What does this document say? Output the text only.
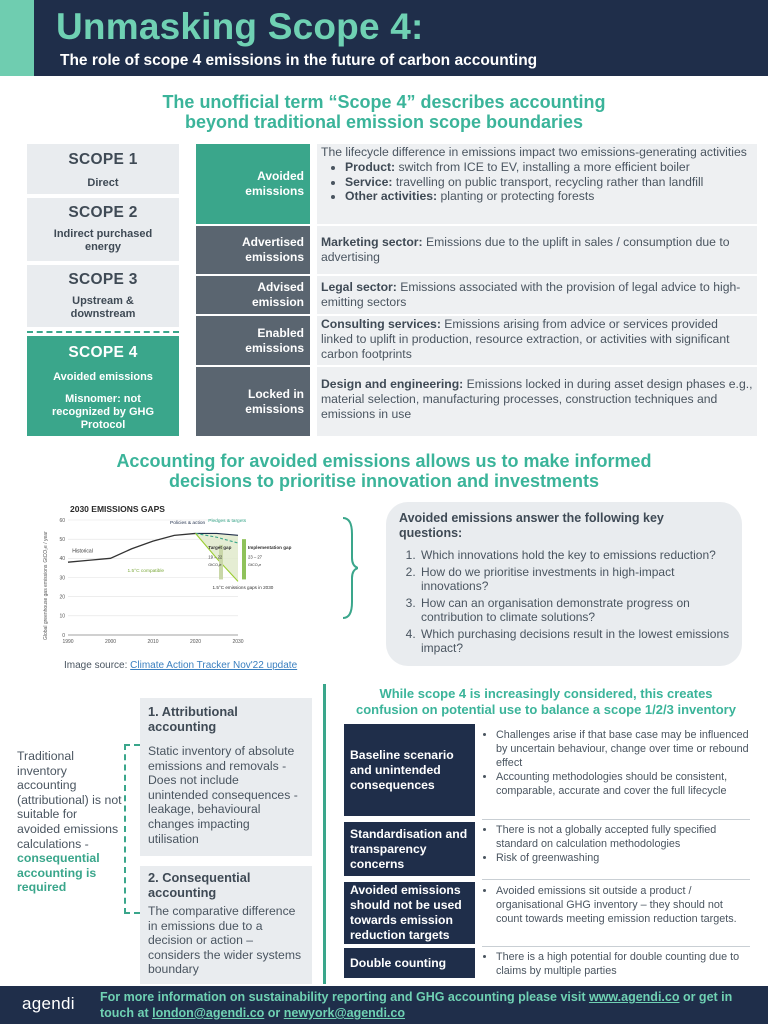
Unmasking Scope 4:
The role of scope 4 emissions in the future of carbon accounting
The unofficial term “Scope 4” describes accounting
beyond traditional emission scope boundaries
SCOPE 1
Direct
SCOPE 2
Indirect purchased
energy
SCOPE 3
Upstream &
downstream
SCOPE 4
Avoided emissions
Misnomer: not
recognized by GHG
Protocol
Avoided
emissions
Advertised
emissions
Advised
emission
Enabled
emissions
Locked in
emissions
The lifecycle difference in emissions impact two emissions-generating activities
• Product: switch from ICE to EV, installing a more efficient boiler
• Service: travelling on public transport, recycling rather than landfill
• Other activities: planting or protecting forests
Marketing sector: Emissions due to the uplift in sales / consumption due to advertising
Legal sector: Emissions associated with the provision of legal advice to high-emitting sectors
Consulting services: Emissions arising from advice or services provided linked to uplift in production, resource extraction, or activities with significant carbon footprints
Design and engineering: Emissions locked in during asset design phases e.g., material selection, manufacturing processes, construction techniques and emissions in use
Accounting for avoided emissions allows us to make informed
decisions to prioritise innovation and investments
2030 EMISSIONS GAPS
Global greenhouse gas emissionsGtCO₂e / year
60
50
40
30
20
10
0
1990	2000	2010	2020	2030
Historical
Policies & action Pledges & targets
1.5°C compatible
Target gap
19 – 22
GtCO₂e
Implementation gap
23 – 27
GtCO₂e
1.5°C emissions gaps in 2030
Image source: Climate Action Tracker Nov'22 update
Avoided emissions answer the following key
questions:
1. Which innovations hold the key to emissions reduction?
2. How do we prioritise investments in high-impact innovations?
3. How can an organisation demonstrate progress on contribution to climate solutions?
4. Which purchasing decisions result in the lowest emissions impact?
Traditional inventory accounting (attributional) is not suitable for avoided emissions calculations - consequential accounting is required
1. Attributional
accounting
Static inventory of absolute emissions and removals - Does not include unintended consequences - leakage, behavioural changes impacting utilisation
2. Consequential
accounting
The comparative difference in emissions due to a decision or action – considers the wider systems boundary
While scope 4 is increasingly considered, this creates
confusion on potential use to balance a scope 1/2/3 inventory
Baseline scenario and unintended consequences
• Challenges arise if that base case may be influenced by uncertain behaviour, change over time or rebound effect
• Accounting methodologies should be consistent, comparable, accurate and cover the full lifecycle
Standardisation and transparency concerns
• There is not a globally accepted fully specified standard on calculation methodologies
• Risk of greenwashing
Avoided emissions should not be used towards emission reduction targets
• Avoided emissions sit outside a product / organisational GHG inventory – they should not count towards meeting emission reduction targets.
Double counting
•	There is a high potential for double counting due to claims by multiple parties
agendi For more information on sustainability reporting and GHG accounting please visit www.agendi.co or get in touch at london@agendi.co or newyork@agendi.co
